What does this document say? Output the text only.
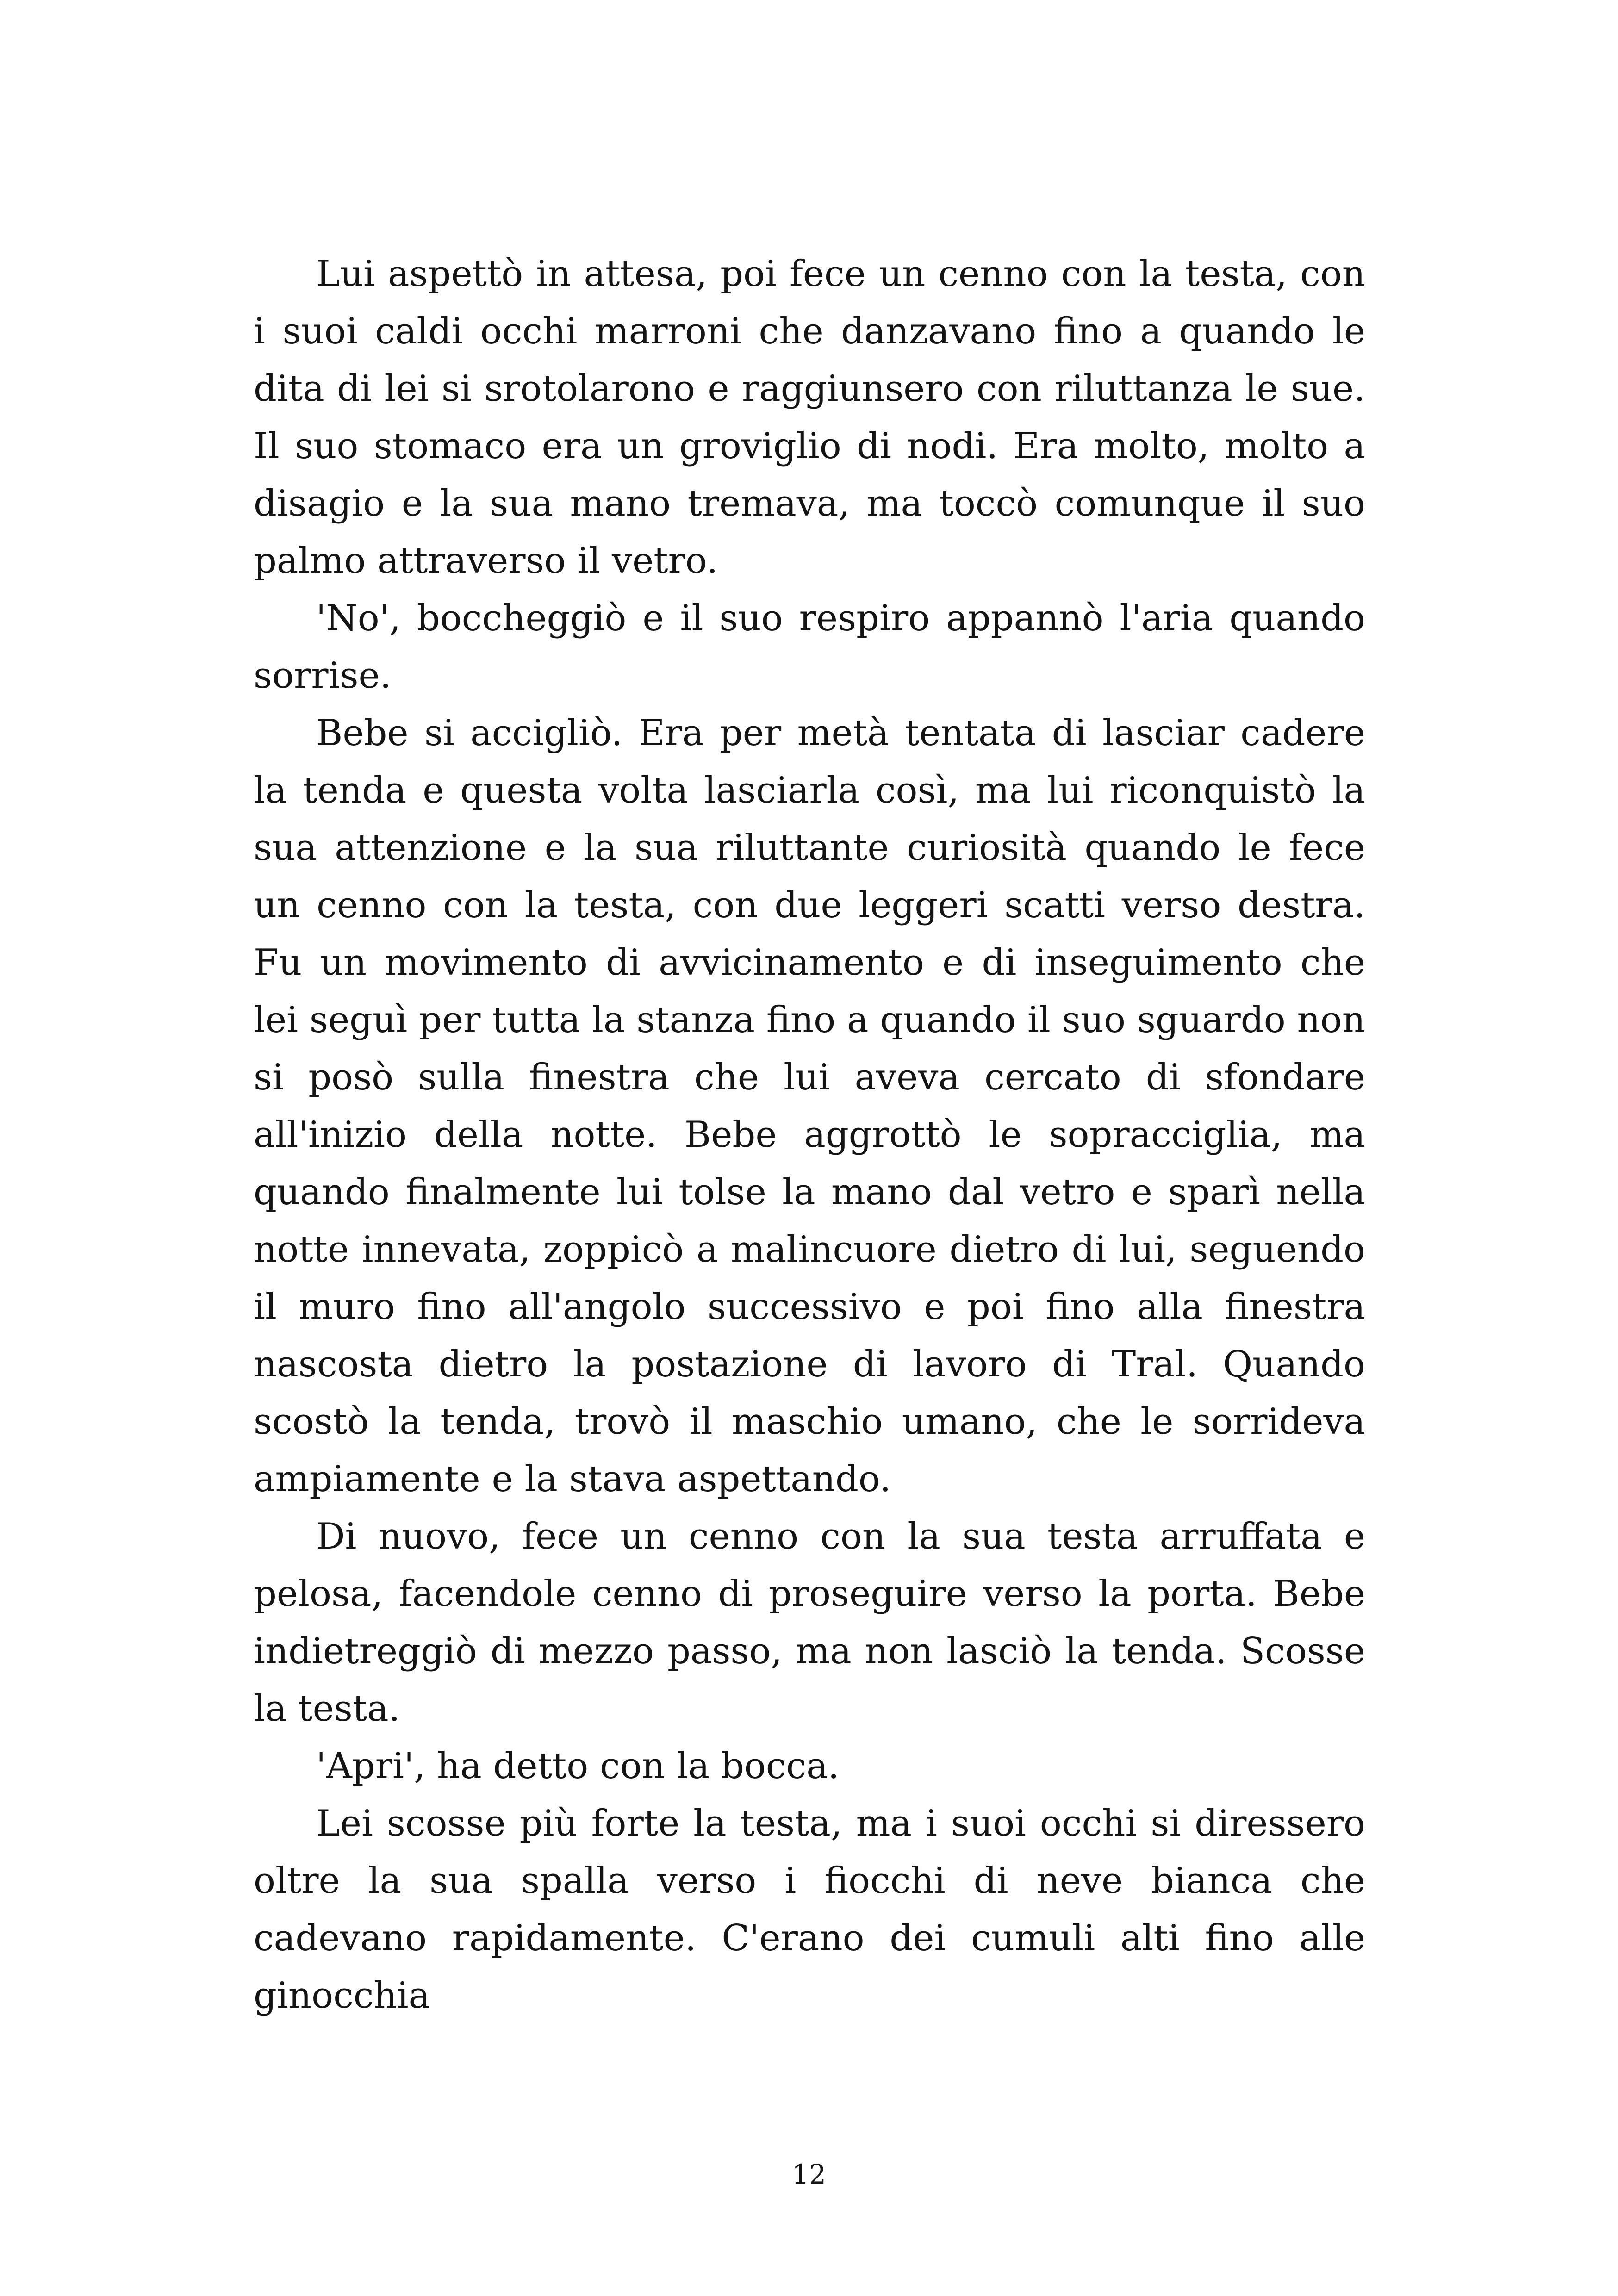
Lui aspettò in attesa, poi fece un cenno con la testa, con i suoi caldi occhi marroni che danzavano fino a quando le dita di lei si srotolarono e raggiunsero con riluttanza le sue. Il suo stomaco era un groviglio di nodi. Era molto, molto a disagio e la sua mano tremava, ma toccò comunque il suo palmo attraverso il vetro.

'No', boccheggiò e il suo respiro appannò l'aria quando sorrise.

Bebe si accigliò. Era per metà tentata di lasciar cadere la tenda e questa volta lasciarla così, ma lui riconquistò la sua attenzione e la sua riluttante curiosità quando le fece un cenno con la testa, con due leggeri scatti verso destra. Fu un movimento di avvicinamento e di inseguimento che lei seguì per tutta la stanza fino a quando il suo sguardo non si posò sulla finestra che lui aveva cercato di sfondare all'inizio della notte. Bebe aggrottò le sopracciglia, ma quando finalmente lui tolse la mano dal vetro e sparì nella notte innevata, zoppicò a malincuore dietro di lui, seguendo il muro fino all'angolo successivo e poi fino alla finestra nascosta dietro la postazione di lavoro di Tral. Quando scostò la tenda, trovò il maschio umano, che le sorrideva ampiamente e la stava aspettando.

Di nuovo, fece un cenno con la sua testa arruffata e pelosa, facendole cenno di proseguire verso la porta. Bebe indietreggiò di mezzo passo, ma non lasciò la tenda. Scosse la testa.

'Apri', ha detto con la bocca.

Lei scosse più forte la testa, ma i suoi occhi si diressero oltre la sua spalla verso i fiocchi di neve bianca che cadevano rapidamente. C'erano dei cumuli alti fino alle ginocchia

12
